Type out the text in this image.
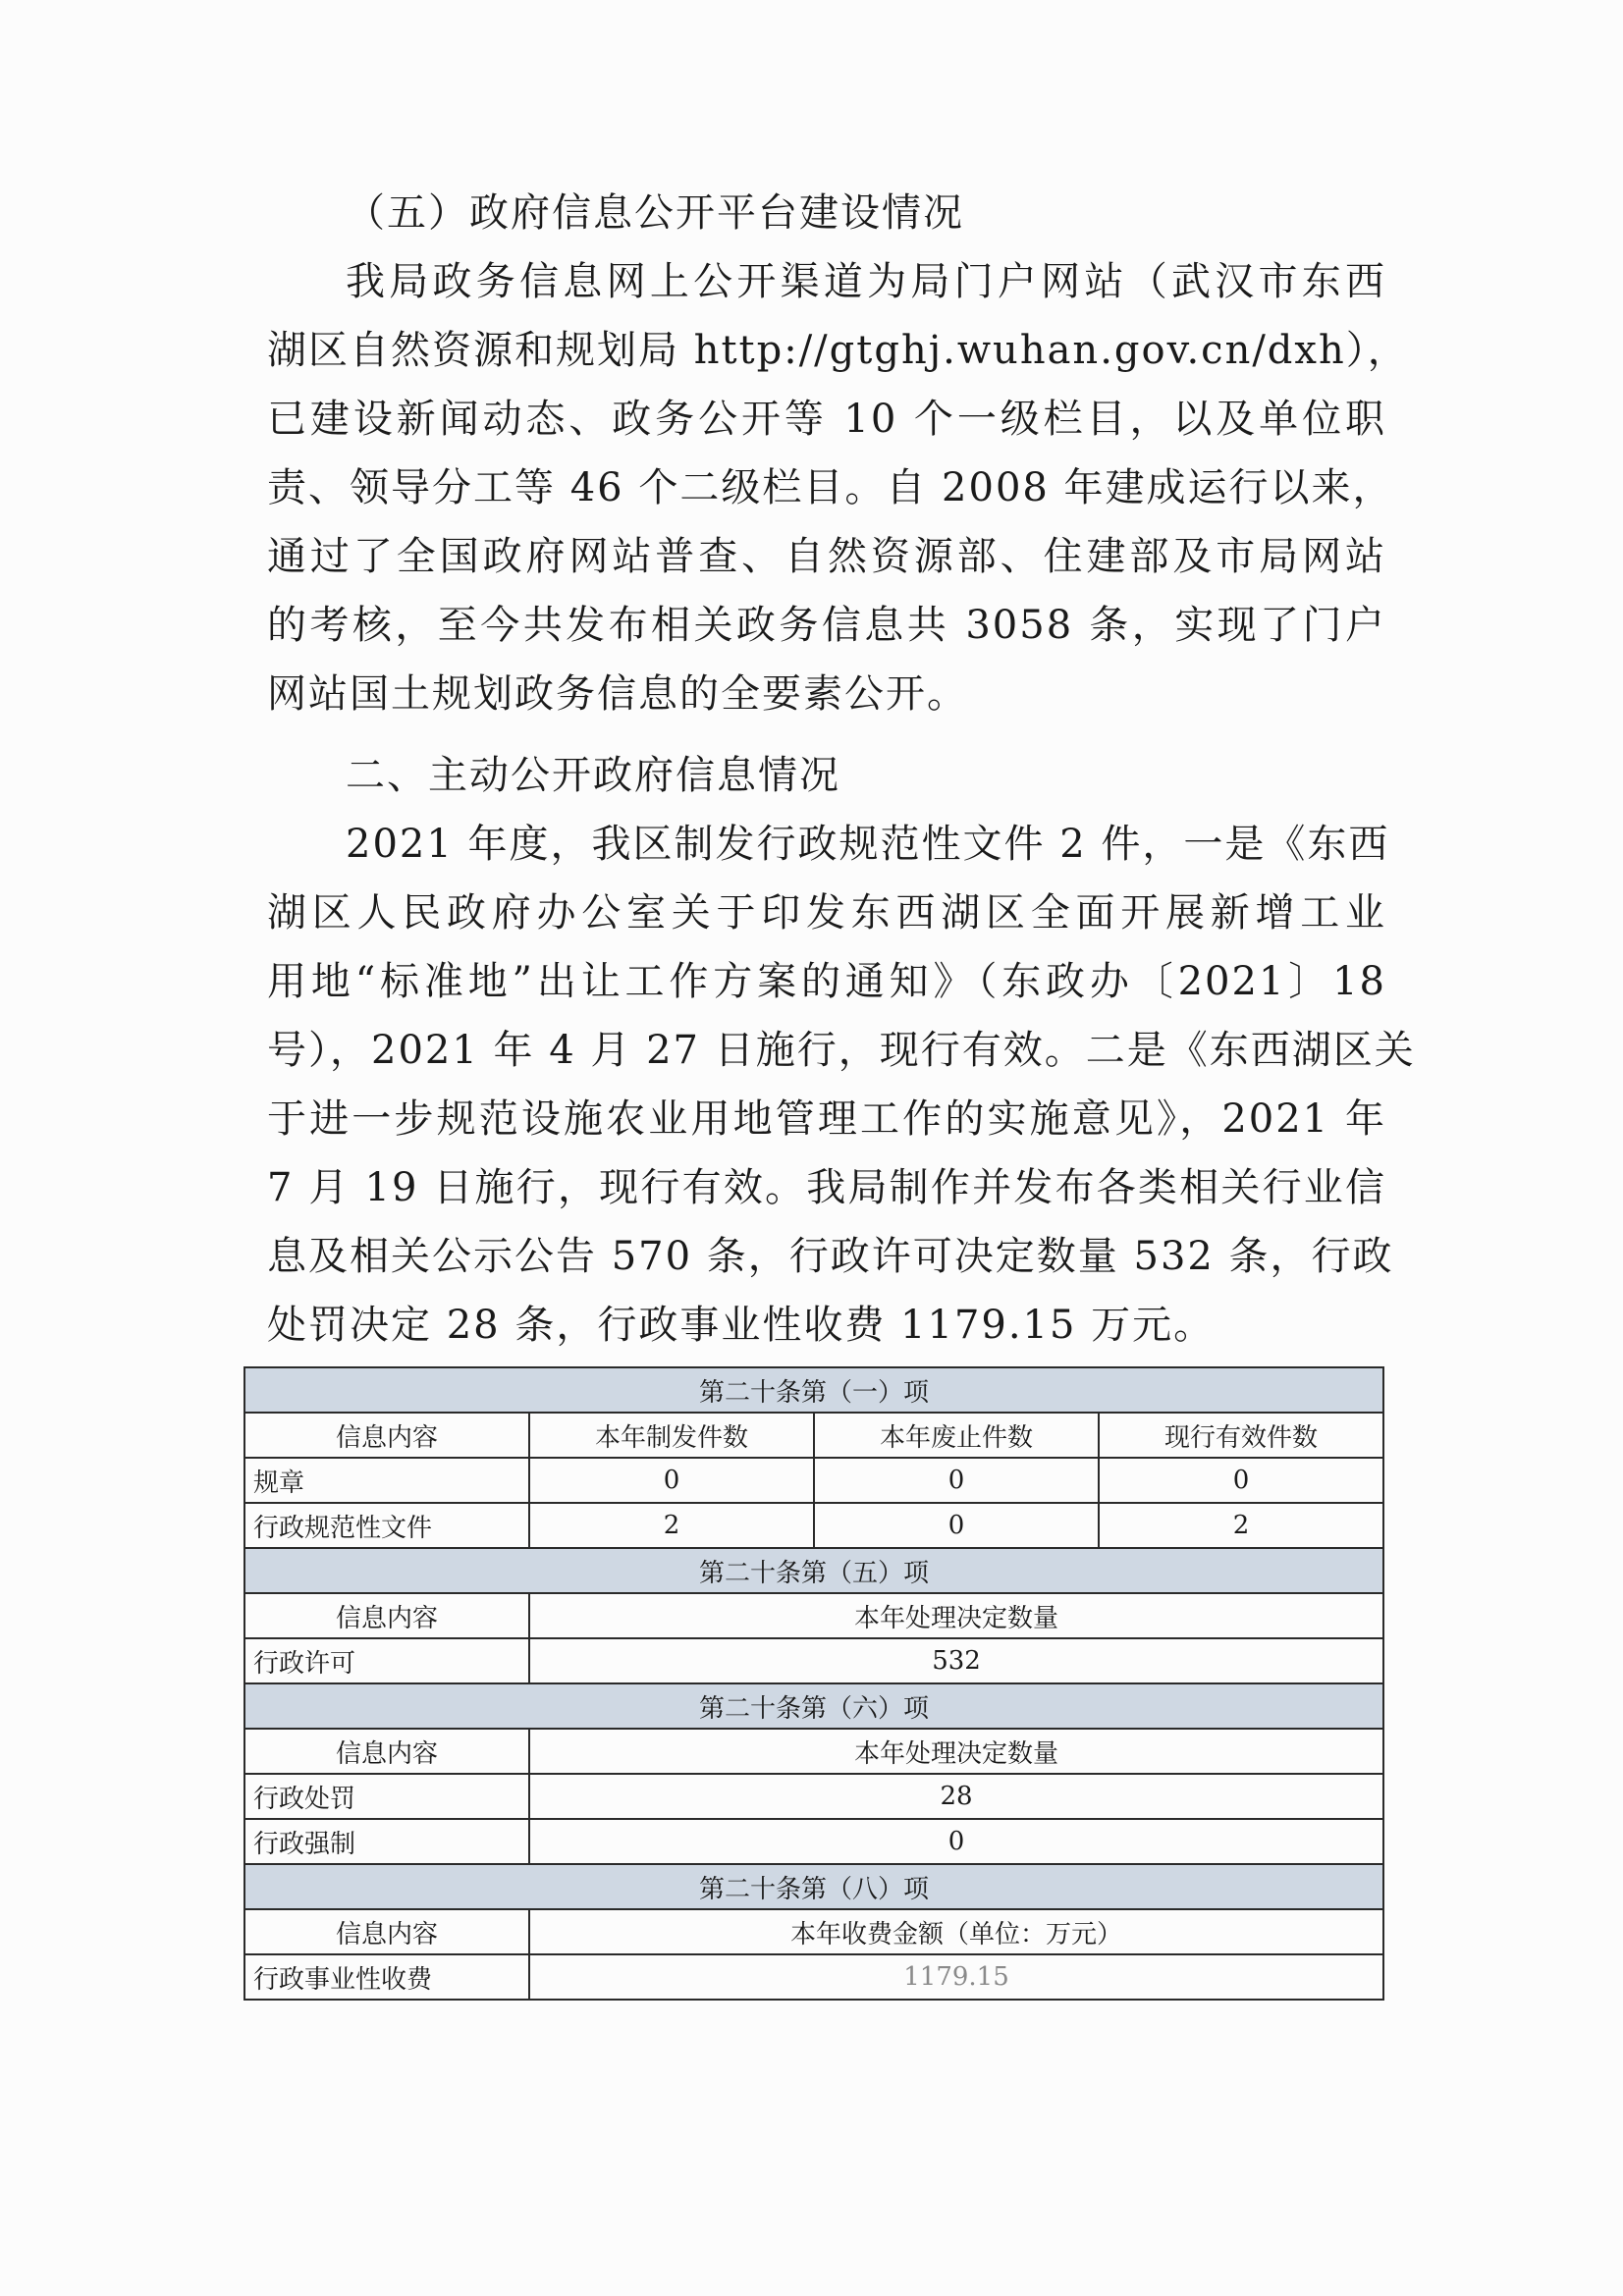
（五）政府信息公开平台建设情况
我局政务信息网上公开渠道为局门户网站（武汉市东西
湖区自然资源和规划局 http://gtghj.wuhan.gov.cn/dxh），
已建设新闻动态、政务公开等 10 个一级栏目，以及单位职
责、领导分工等 46 个二级栏目。自 2008 年建成运行以来，
通过了全国政府网站普查、自然资源部、住建部及市局网站
的考核，至今共发布相关政务信息共 3058 条，实现了门户
网站国土规划政务信息的全要素公开。
二、主动公开政府信息情况
2021 年度，我区制发行政规范性文件 2 件，一是《东西
湖区人民政府办公室关于印发东西湖区全面开展新增工业
用地“标准地”出让工作方案的通知》（东政办〔2021〕18
号），2021 年 4 月 27 日施行，现行有效。二是《东西湖区关
于进一步规范设施农业用地管理工作的实施意见》，2021 年
7 月 19 日施行，现行有效。我局制作并发布各类相关行业信
息及相关公示公告 570 条，行政许可决定数量 532 条，行政
处罚决定 28 条，行政事业性收费 1179.15 万元。
第二十条第（一）项			
信息内容	本年制发件数	本年废止件数	现行有效件数
规章	0	0	0
行政规范性文件	2	0	2
第二十条第（五）项			
信息内容	本年处理决定数量		
行政许可	532		
第二十条第（六）项			
信息内容	本年处理决定数量		
行政处罚	28		
行政强制	0		
第二十条第（八）项			
信息内容	本年收费金额（单位：万元）		
行政事业性收费	1179.15		
